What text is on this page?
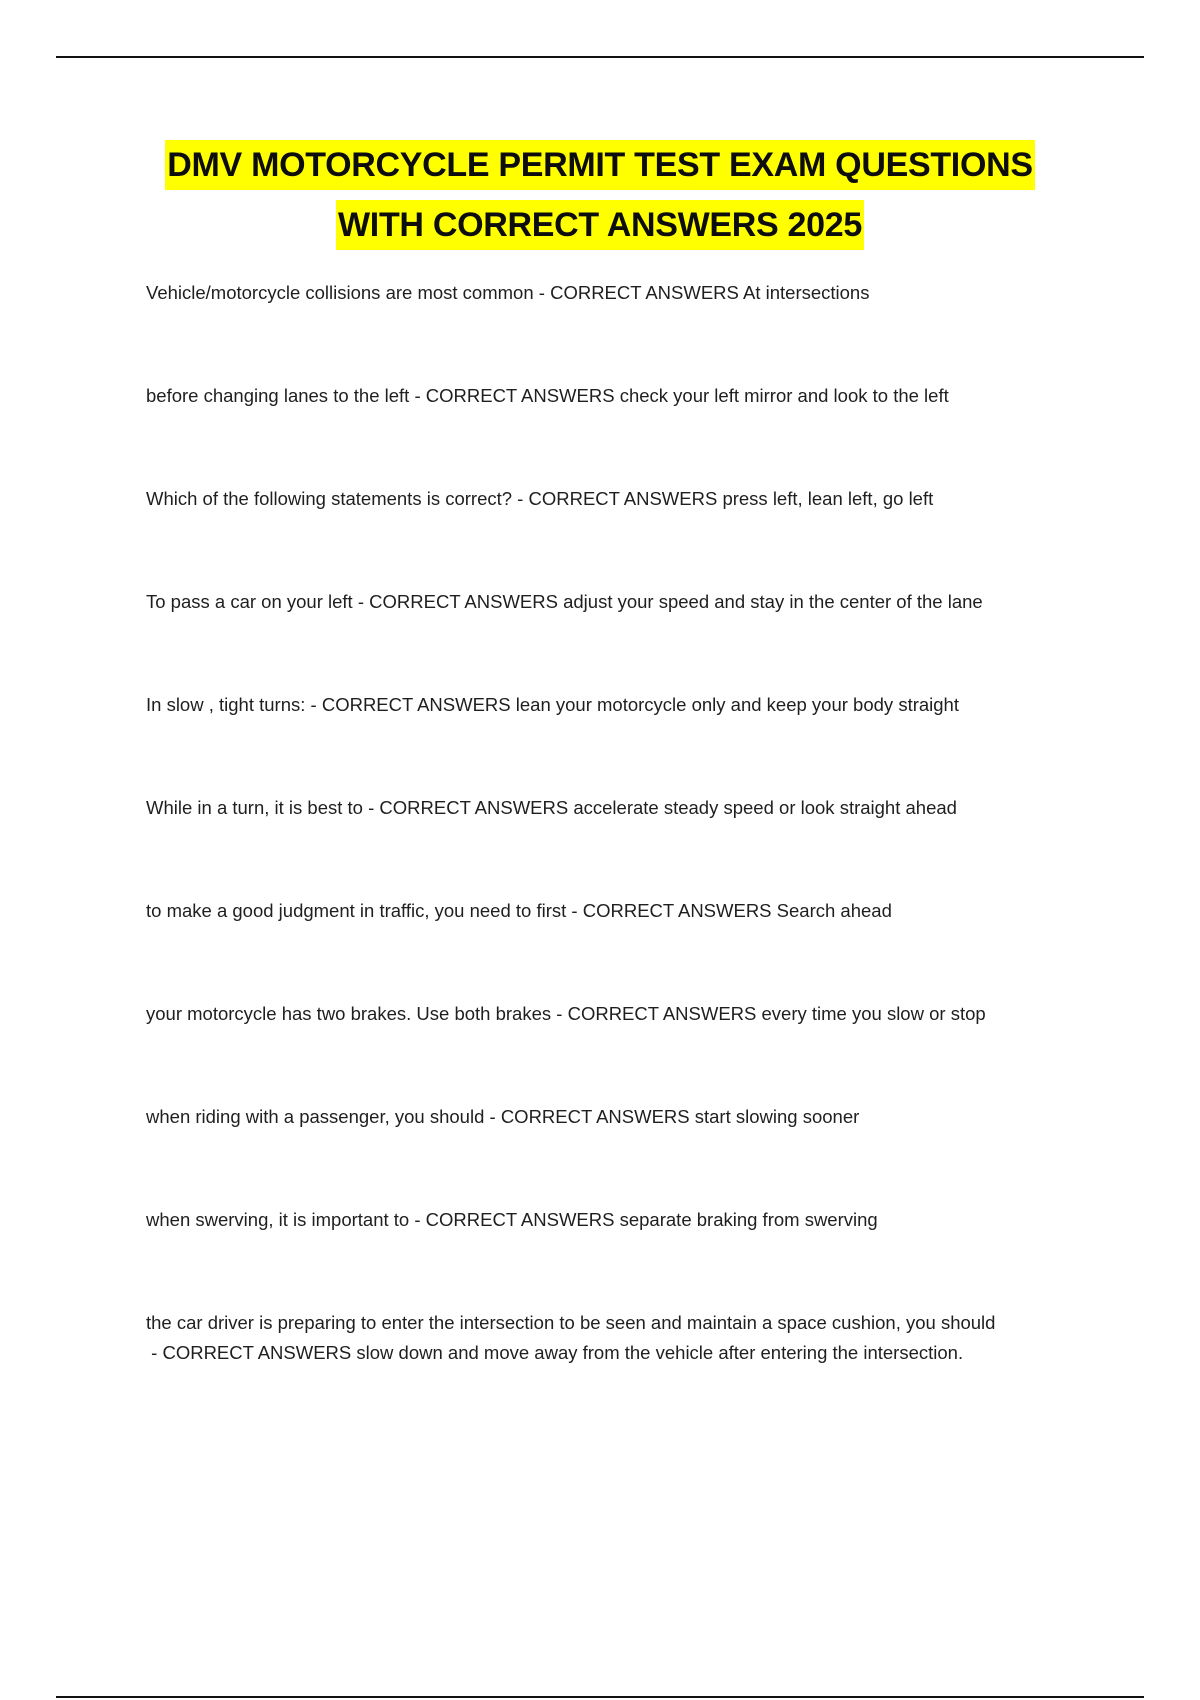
DMV MOTORCYCLE PERMIT TEST EXAM QUESTIONS
WITH CORRECT ANSWERS 2025
Vehicle/motorcycle collisions are most common - CORRECT ANSWERS At intersections
before changing lanes to the left - CORRECT ANSWERS check your left mirror and look to the left
Which of the following statements is correct? - CORRECT ANSWERS press left, lean left, go left
To pass a car on your left - CORRECT ANSWERS adjust your speed and stay in the center of the lane
In slow , tight turns: - CORRECT ANSWERS lean your motorcycle only and keep your body straight
While in a turn, it is best to - CORRECT ANSWERS accelerate steady speed or look straight ahead
to make a good judgment in traffic, you need to first - CORRECT ANSWERS Search ahead
your motorcycle has two brakes. Use both brakes - CORRECT ANSWERS every time you slow or stop
when riding with a passenger, you should - CORRECT ANSWERS start slowing sooner
when swerving, it is important to - CORRECT ANSWERS separate braking from swerving
the car driver is preparing to enter the intersection to be seen and maintain a space cushion, you should - CORRECT ANSWERS slow down and move away from the vehicle after entering the intersection.
